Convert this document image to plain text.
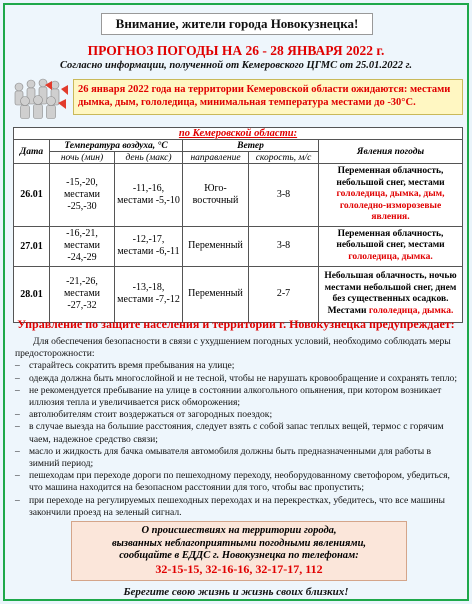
Внимание, жители города Новокузнецка!
ПРОГНОЗ ПОГОДЫ НА 26 - 28 ЯНВАРЯ 2022 г.
Согласно информации, полученной от Кемеровского ЦГМС от 25.01.2022 г.
26 января 2022 года на территории Кемеровской области ожидаются: местами дымка, дым, гололедица, минимальная температура местами до -30°С.
по Кемеровской области:					
Дата	Температура воздуха, °С		Ветер		Явления погоды
	ночь (мин)	день (макс)	направление	скорость, м/с	
26.01	-15,-20, местами -25,-30	-11,-16, местами -5,-10	Юго-восточный	3-8	Переменная облачность, небольшой снег, местами гололедица, дымка, дым, гололедно-изморозевые явления.
27.01	-16,-21, местами -24,-29	-12,-17, местами -6,-11	Переменный	3-8	Переменная облачность, небольшой снег, местами гололедица, дымка.
28.01	-21,-26, местами -27,-32	-13,-18, местами -7,-12	Переменный	2-7	Небольшая облачность, ночью местами небольшой снег, днем без существенных осадков. Местами гололедица, дымка.
Управление по защите населения и территории г. Новокузнецка предупреждает:

Для обеспечения безопасности в связи с ухудшением погодных условий, необходимо соблюдать меры предосторожности:

– старайтесь сократить время пребывания на улице;
– одежда должна быть многослойной и не тесной, чтобы не нарушать кровообращение и сохранять тепло;
– не рекомендуется пребывание на улице в состоянии алкогольного опьянения, при котором возникает иллюзия тепла и увеличивается риск обморожения;
– автолюбителям стоит воздержаться от загородных поездок;
– в случае выезда на большие расстояния, следует взять с собой запас теплых вещей, термос с горячим чаем, надежное средство связи;
– масло и жидкость для бачка омывателя автомобиля должны быть предназначенными для работы в зимний период;
– пешеходам при переходе дороги по пешеходному переходу, необорудованному светофором, убедиться, что машина находится на безопасном расстоянии для того, чтобы вас пропустить;
– при переходе на регулируемых пешеходных переходах и на перекрестках, убедитесь, что все машины закончили проезд на зеленый сигнал.
О происшествиях на территории города,
вызванных неблагоприятными погодными явлениями,
сообщайте в ЕДДС г. Новокузнецка по телефонам:
32-15-15, 32-16-16, 32-17-17, 112
Берегите свою жизнь и жизнь своих близких!
